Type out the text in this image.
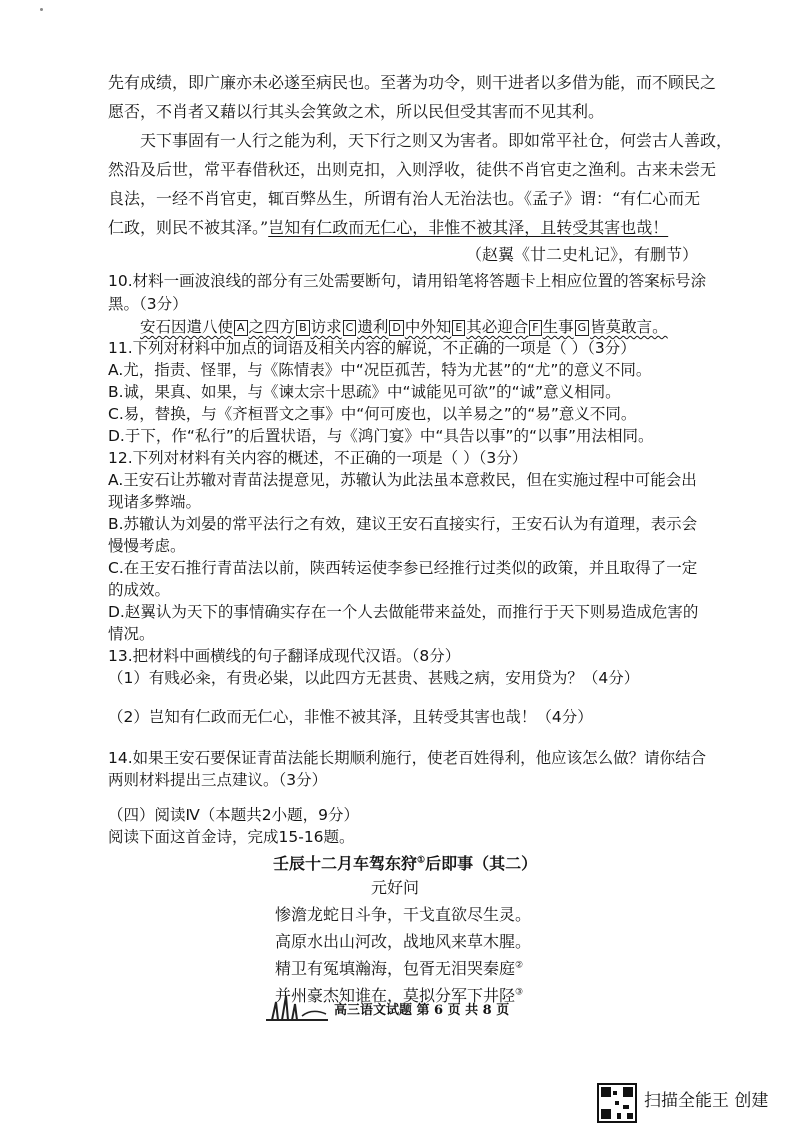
先有成绩，即广廉亦未必遂至病民也。至著为功令，则干进者以多借为能，而不顾民之
愿否，不肖者又藉以行其头会箕敛之术，所以民但受其害而不见其利。
天下事固有一人行之能为利，天下行之则又为害者。即如常平社仓，何尝古人善政，
然沿及后世，常平春借秋还，出则克扣，入则浮收，徒供不肖官吏之渔利。古来未尝无
良法，一经不肖官吏，辄百弊丛生，所谓有治人无治法也。《孟子》谓：“有仁心而无
仁政，则民不被其泽。”岂知有仁政而无仁心，非惟不被其泽，且转受其害也哉！
（赵翼《廿二史札记》，有删节）
10.材料一画波浪线的部分有三处需要断句，请用铅笔将答题卡上相应位置的答案标号涂
黑。（3分）
安石因遣八使 A 之四方 B 访求 C 遗利 D 中外知 E 其必迎合 F 生事 G 皆莫敢言。
11.下列对材料中加点的词语及相关内容的解说，不正确的一项是（ ）（3分）
A.尤，指责、怪罪，与《陈情表》中“况臣孤苦，特为尤甚”的“尤”的意义不同。
B.诚，果真、如果，与《谏太宗十思疏》中“诚能见可欲”的“诚”意义相同。
C.易，替换，与《齐桓晋文之事》中“何可废也，以羊易之”的“易”意义不同。
D.于下，作“私行”的后置状语，与《鸿门宴》中“具告以事”的“以事”用法相同。
12.下列对材料有关内容的概述，不正确的一项是（ ）（3分）
A.王安石让苏辙对青苗法提意见，苏辙认为此法虽本意救民，但在实施过程中可能会出
现诸多弊端。
B.苏辙认为刘晏的常平法行之有效，建议王安石直接实行，王安石认为有道理，表示会
慢慢考虑。
C.在王安石推行青苗法以前，陕西转运使李参已经推行过类似的政策，并且取得了一定
的成效。
D.赵翼认为天下的事情确实存在一个人去做能带来益处，而推行于天下则易造成危害的
情况。
13.把材料中画横线的句子翻译成现代汉语。（8分）
（1）有贱必籴，有贵必粜，以此四方无甚贵、甚贱之病，安用贷为？（4分）
（2）岂知有仁政而无仁心，非惟不被其泽，且转受其害也哉！（4分）
14.如果王安石要保证青苗法能长期顺利施行，使老百姓得利，他应该怎么做？请你结合
两则材料提出三点建议。（3分）
（四）阅读Ⅳ（本题共2小题，9分）
阅读下面这首金诗，完成15-16题。
壬辰十二月车驾东狩①后即事（其二）
元好问
惨澹龙蛇日斗争，干戈直欲尽生灵。
高原水出山河改，战地风来草木腥。
精卫有冤填瀚海，包胥无泪哭秦庭②
并州豪杰知谁在，莫拟分军下井陉③
高三语文试题 第 6 页 共 8 页
扫描全能王 创建
